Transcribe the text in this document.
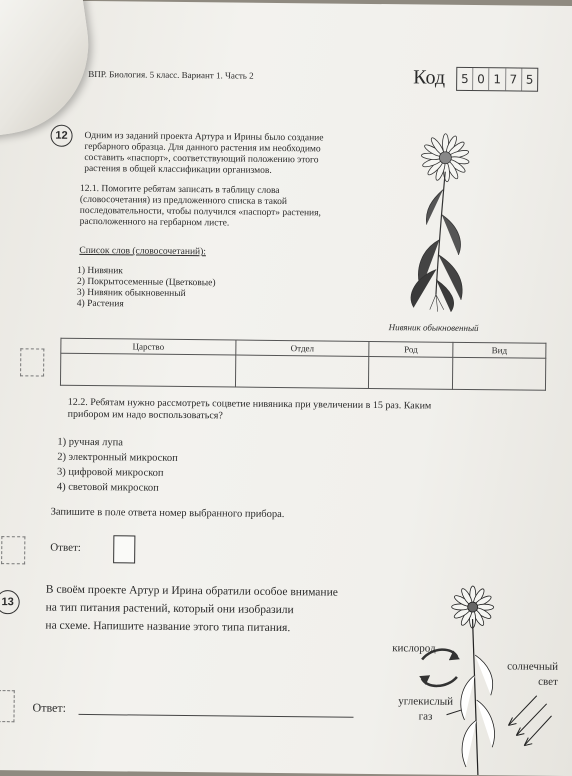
ВПР. Биология. 5 класс. Вариант 1. Часть 2	Код	5 0 1 7 5
12	Одним из заданий проекта Артура и Ирины было создание
гербарного образца. Для данного растения им необходимо
составить «паспорт», соответствующий положению этого
растения в общей классификации организмов.
12.1. Помогите ребятам записать в таблицу слова
(словосочетания) из предложенного списка в такой
последовательности, чтобы получился «паспорт» растения,
расположенного на гербарном листе.
Список слов (словосочетаний):
1) Нивяник
2) Покрытосеменные (Цветковые)
3) Нивяник обыкновенный
4) Растения
Нивяник обыкновенный
Царство	Отдел	Род	Вид

12.2. Ребятам нужно рассмотреть соцветие нивяника при увеличении в 15 раз. Каким
прибором им надо воспользоваться?
1) ручная лупа
2) электронный микроскоп
3) цифровой микроскоп
4) световой микроскоп
Запишите в поле ответа номер выбранного прибора.
Ответ:
13
В своём проекте Артур и Ирина обратили особое внимание
на тип питания растений, который они изобразили
на схеме. Напишите название этого типа питания.
кислород
солнечный свет
углекислый газ
Ответ:
